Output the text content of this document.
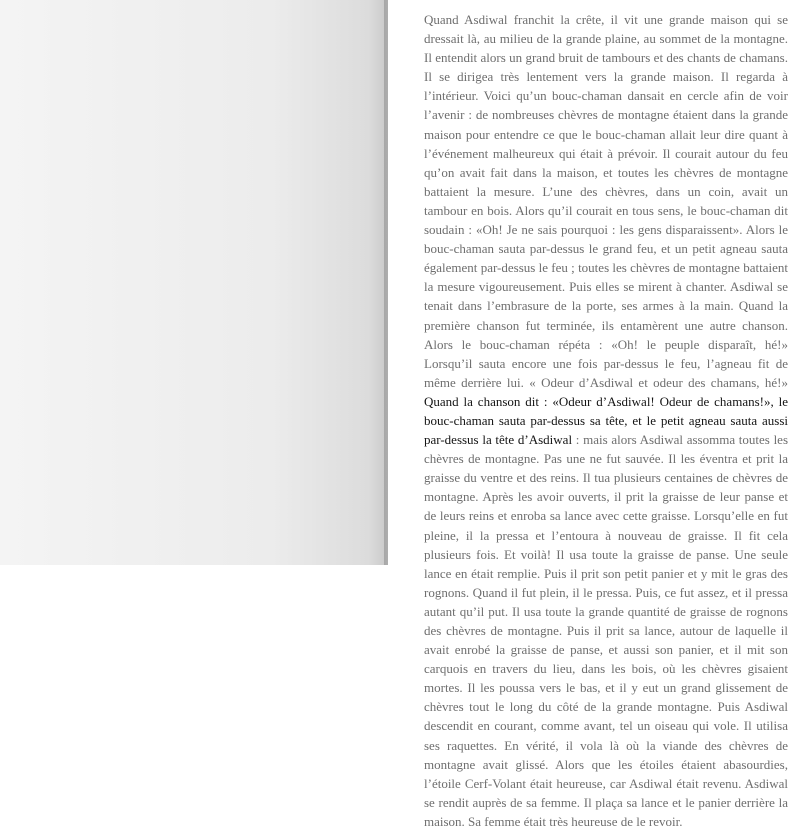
Quand Asdiwal franchit la crête, il vit une grande maison qui se dressait là, au milieu de la grande plaine, au sommet de la montagne. Il entendit alors un grand bruit de tambours et des chants de chamans. Il se dirigea très lentement vers la grande maison. Il regarda à l’intérieur. Voici qu’un bouc-chaman dansait en cercle afin de voir l’avenir : de nombreuses chèvres de montagne étaient dans la grande maison pour entendre ce que le bouc-chaman allait leur dire quant à l’événement malheureux qui était à prévoir. Il courait autour du feu qu’on avait fait dans la maison, et toutes les chèvres de montagne battaient la mesure. L’une des chèvres, dans un coin, avait un tambour en bois. Alors qu’il courait en tous sens, le bouc-chaman dit soudain : «Oh! Je ne sais pourquoi : les gens disparaissent». Alors le bouc-chaman sauta par-dessus le grand feu, et un petit agneau sauta également par-dessus le feu ; toutes les chèvres de montagne battaient la mesure vigoureusement. Puis elles se mirent à chanter. Asdiwal se tenait dans l’embrasure de la porte, ses armes à la main. Quand la première chanson fut terminée, ils entamèrent une autre chanson. Alors le bouc-chaman répéta : «Oh! le peuple disparaît, hé!» Lorsqu’il sauta encore une fois par-dessus le feu, l’agneau fit de même derrière lui. « Odeur d’Asdiwal et odeur des chamans, hé!» Quand la chanson dit : «Odeur d’Asdiwal! Odeur de chamans!», le bouc-chaman sauta par-dessus sa tête, et le petit agneau sauta aussi par-dessus la tête d’Asdiwal : mais alors Asdiwal assomma toutes les chèvres de montagne. Pas une ne fut sauvée. Il les éventra et prit la graisse du ventre et des reins. Il tua plusieurs centaines de chèvres de montagne. Après les avoir ouverts, il prit la graisse de leur panse et de leurs reins et enroba sa lance avec cette graisse. Lorsqu’elle en fut pleine, il la pressa et l’entoura à nouveau de graisse. Il fit cela plusieurs fois. Et voilà! Il usa toute la graisse de panse. Une seule lance en était remplie. Puis il prit son petit panier et y mit le gras des rognons. Quand il fut plein, il le pressa. Puis, ce fut assez, et il pressa autant qu’il put. Il usa toute la grande quantité de graisse de rognons des chèvres de montagne. Puis il prit sa lance, autour de laquelle il avait enrobé la graisse de panse, et aussi son panier, et il mit son carquois en travers du lieu, dans les bois, où les chèvres gisaient mortes. Il les poussa vers le bas, et il y eut un grand glissement de chèvres tout le long du côté de la grande montagne. Puis Asdiwal descendit en courant, comme avant, tel un oiseau qui vole. Il utilisa ses raquettes. En vérité, il vola là où la viande des chèvres de montagne avait glissé. Alors que les étoiles étaient abasourdies, l’étoile Cerf-Volant était heureuse, car Asdiwal était revenu. Asdiwal se rendit auprès de sa femme. Il plaça sa lance et le panier derrière la maison. Sa femme était très heureuse de le revoir.
